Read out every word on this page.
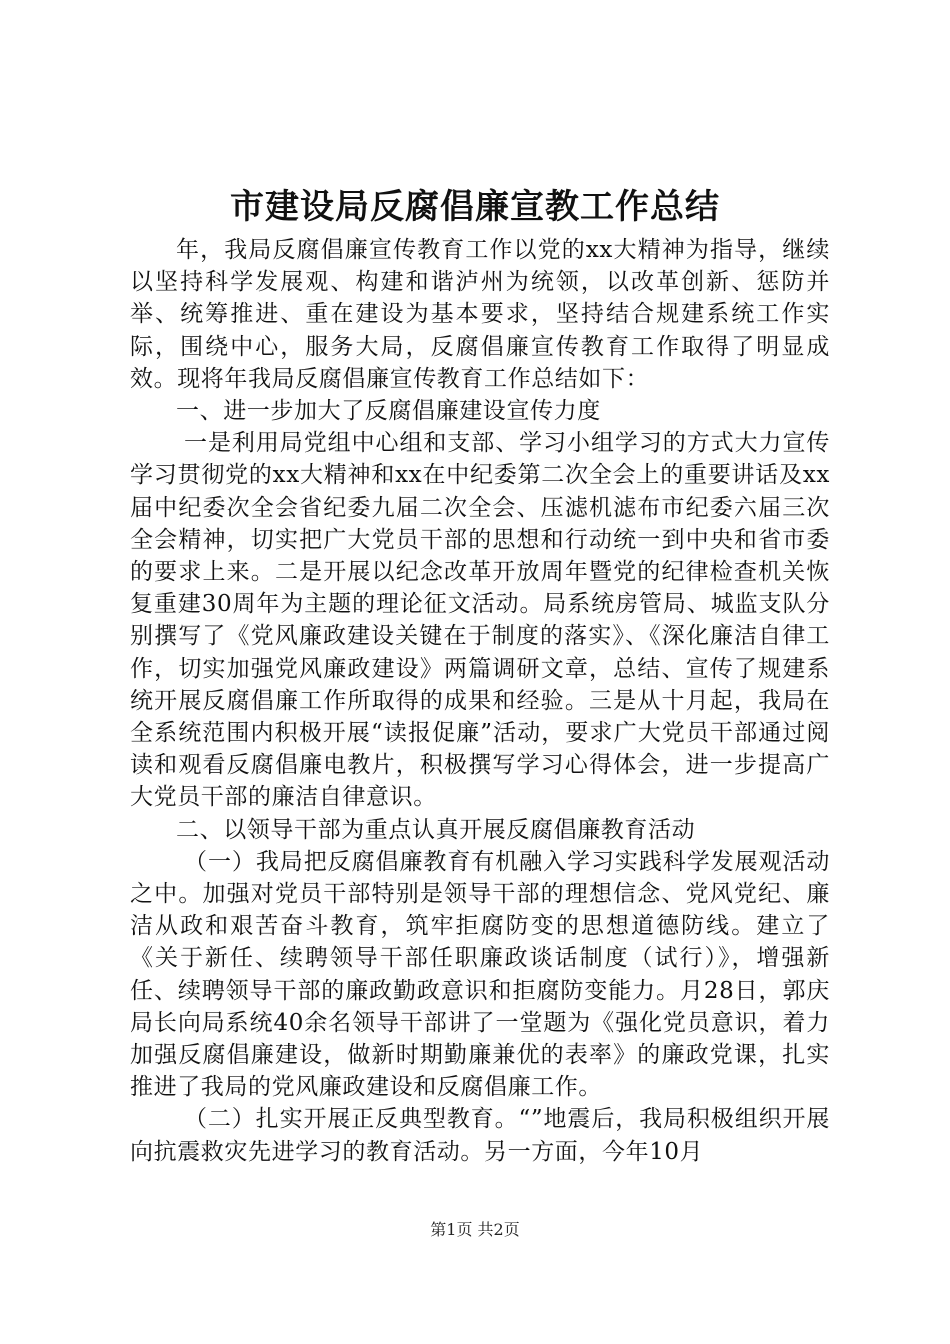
市建设局反腐倡廉宣教工作总结

年，我局反腐倡廉宣传教育工作以党的xx大精神为指导，继续以坚持科学发展观、构建和谐泸州为统领，以改革创新、惩防并举、统筹推进、重在建设为基本要求，坚持结合规建系统工作实际，围绕中心，服务大局，反腐倡廉宣传教育工作取得了明显成效。现将年我局反腐倡廉宣传教育工作总结如下：

一、进一步加大了反腐倡廉建设宣传力度

一是利用局党组中心组和支部、学习小组学习的方式大力宣传学习贯彻党的xx大精神和xx在中纪委第二次全会上的重要讲话及xx届中纪委次全会省纪委九届二次全会、压滤机滤布市纪委六届三次全会精神，切实把广大党员干部的思想和行动统一到中央和省市委的要求上来。二是开展以纪念改革开放周年暨党的纪律检查机关恢复重建30周年为主题的理论征文活动。局系统房管局、城监支队分别撰写了《党风廉政建设关键在于制度的落实》、《深化廉洁自律工作，切实加强党风廉政建设》两篇调研文章，总结、宣传了规建系统开展反腐倡廉工作所取得的成果和经验。三是从十月起，我局在全系统范围内积极开展“读报促廉”活动，要求广大党员干部通过阅读和观看反腐倡廉电教片，积极撰写学习心得体会，进一步提高广大党员干部的廉洁自律意识。

二、以领导干部为重点认真开展反腐倡廉教育活动

（一）我局把反腐倡廉教育有机融入学习实践科学发展观活动之中。加强对党员干部特别是领导干部的理想信念、党风党纪、廉洁从政和艰苦奋斗教育，筑牢拒腐防变的思想道德防线。建立了《关于新任、续聘领导干部任职廉政谈话制度（试行）》，增强新任、续聘领导干部的廉政勤政意识和拒腐防变能力。月28日，郭庆局长向局系统40余名领导干部讲了一堂题为《强化党员意识，着力加强反腐倡廉建设，做新时期勤廉兼优的表率》的廉政党课，扎实推进了我局的党风廉政建设和反腐倡廉工作。

（二）扎实开展正反典型教育。“”地震后，我局积极组织开展向抗震救灾先进学习的教育活动。另一方面，今年10月

第1页 共2页
